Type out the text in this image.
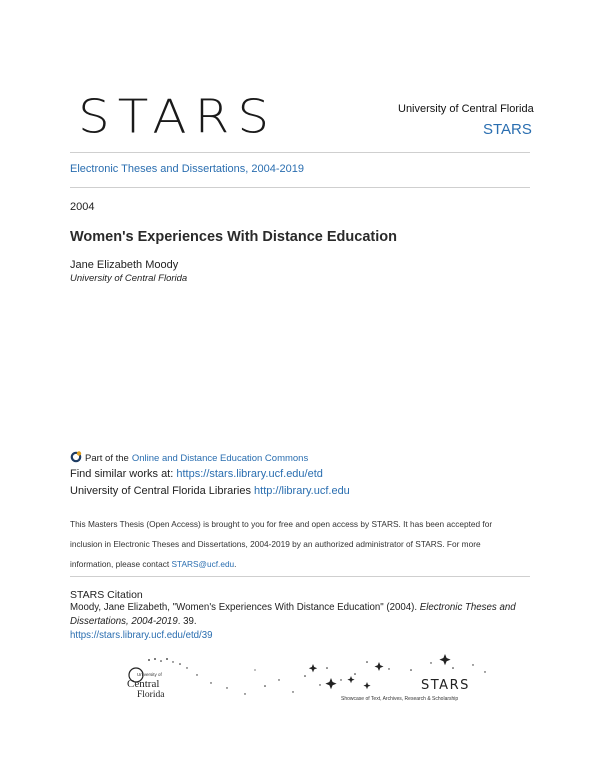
STARS	University of Central Florida
STARS
Electronic Theses and Dissertations, 2004-2019
2004
Women's Experiences With Distance Education
Jane Elizabeth Moody
University of Central Florida
Part of the Online and Distance Education Commons
Find similar works at: https://stars.library.ucf.edu/etd
University of Central Florida Libraries http://library.ucf.edu
This Masters Thesis (Open Access) is brought to you for free and open access by STARS. It has been accepted for
inclusion in Electronic Theses and Dissertations, 2004-2019 by an authorized administrator of STARS. For more
information, please contact STARS@ucf.edu.
STARS Citation
Moody, Jane Elizabeth, "Women's Experiences With Distance Education" (2004). Electronic Theses and
Dissertations, 2004-2019. 39.
https://stars.library.ucf.edu/etd/39
University of
Central
Florida
STARS
Showcase of Text, Archives, Research & Scholarship
